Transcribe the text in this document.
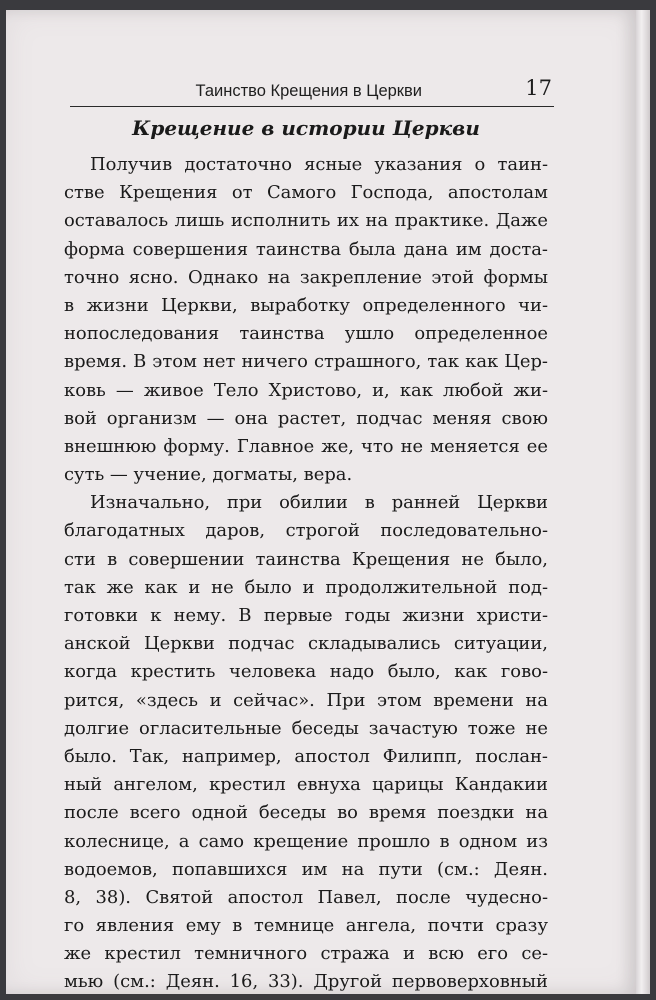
Таинство Крещения в Церкви	17
Крещение в истории Церкви
Получив достаточно ясные указания о таин-
стве Крещения от Самого Господа, апостолам
оставалось лишь исполнить их на практике. Даже
форма совершения таинства была дана им доста-
точно ясно. Однако на закрепление этой формы
в жизни Церкви, выработку определенного чи-
нопоследования таинства ушло определенное
время. В этом нет ничего страшного, так как Цер-
ковь — живое Тело Христово, и, как любой жи-
вой организм — она растет, подчас меняя свою
внешнюю форму. Главное же, что не меняется ее
суть — учение, догматы, вера.
Изначально, при обилии в ранней Церкви
благодатных даров, строгой последовательно-
сти в совершении таинства Крещения не было,
так же как и не было и продолжительной под-
готовки к нему. В первые годы жизни христи-
анской Церкви подчас складывались ситуации,
когда крестить человека надо было, как гово-
рится, «здесь и сейчас». При этом времени на
долгие огласительные беседы зачастую тоже не
было. Так, например, апостол Филипп, послан-
ный ангелом, крестил евнуха царицы Кандакии
после всего одной беседы во время поездки на
колеснице, а само крещение прошло в одном из
водоемов, попавшихся им на пути (см.: Деян.
8, 38). Святой апостол Павел, после чудесно-
го явления ему в темнице ангела, почти сразу
же крестил темничного стража и всю его се-
мью (см.: Деян. 16, 33). Другой первоверховный
